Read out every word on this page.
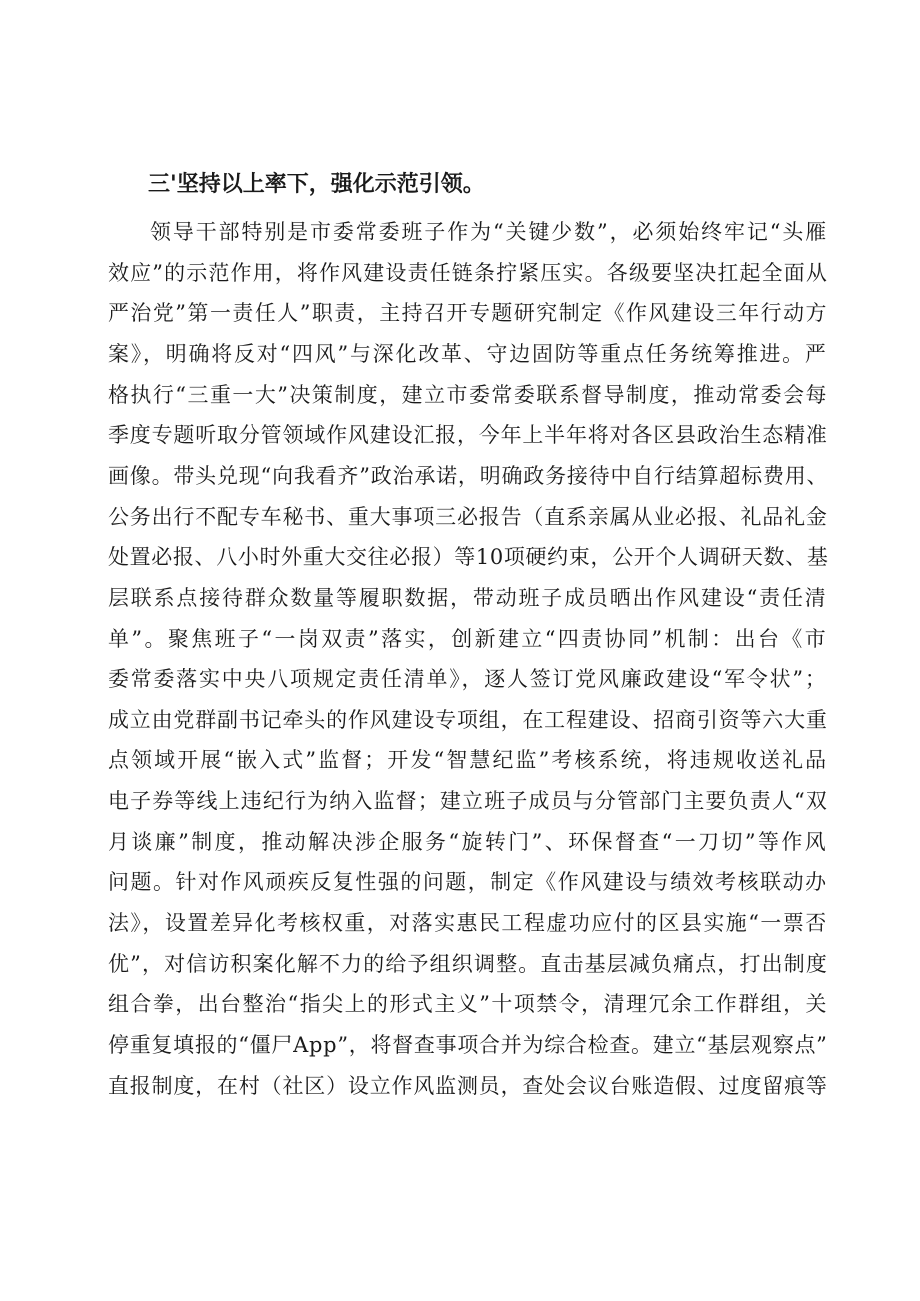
三'坚持以上率下，强化示范引领。
领导干部特别是市委常委班子作为“关键少数”，必须始终牢记“头雁
效应”的示范作用，将作风建设责任链条拧紧压实。各级要坚决扛起全面从
严治党”第一责任人”职责，主持召开专题研究制定《作风建设三年行动方
案》，明确将反对“四风”与深化改革、守边固防等重点任务统筹推进。严
格执行“三重一大”决策制度，建立市委常委联系督导制度，推动常委会每
季度专题听取分管领域作风建设汇报，今年上半年将对各区县政治生态精准
画像。带头兑现“向我看齐”政治承诺，明确政务接待中自行结算超标费用、
公务出行不配专车秘书、重大事项三必报告（直系亲属从业必报、礼品礼金
处置必报、八小时外重大交往必报）等10项硬约束，公开个人调研天数、基
层联系点接待群众数量等履职数据，带动班子成员晒出作风建设“责任清
单”。聚焦班子“一岗双责”落实，创新建立“四责协同”机制：出台《市
委常委落实中央八项规定责任清单》，逐人签订党风廉政建设“军令状”；
成立由党群副书记牵头的作风建设专项组，在工程建设、招商引资等六大重
点领域开展“嵌入式”监督；开发“智慧纪监”考核系统，将违规收送礼品
电子券等线上违纪行为纳入监督；建立班子成员与分管部门主要负责人“双
月谈廉”制度，推动解决涉企服务“旋转门”、环保督查“一刀切”等作风
问题。针对作风顽疾反复性强的问题，制定《作风建设与绩效考核联动办
法》，设置差异化考核权重，对落实惠民工程虚功应付的区县实施“一票否
优”，对信访积案化解不力的给予组织调整。直击基层减负痛点，打出制度
组合拳，出台整治“指尖上的形式主义”十项禁令，清理冗余工作群组，关
停重复填报的“僵尸App”，将督查事项合并为综合检查。建立“基层观察点”
直报制度，在村（社区）设立作风监测员，查处会议台账造假、过度留痕等
